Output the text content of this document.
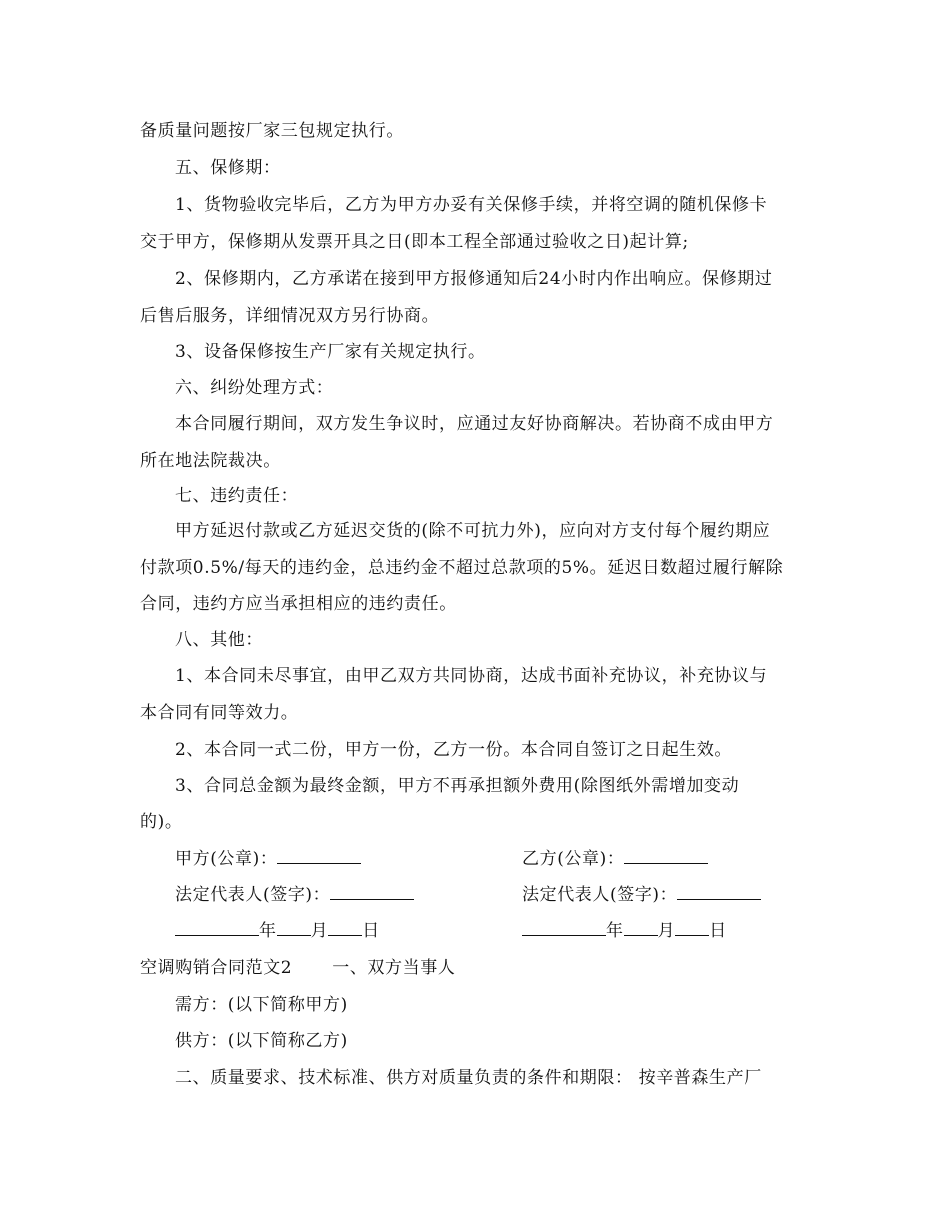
备质量问题按厂家三包规定执行。
五、保修期：
1、货物验收完毕后，乙方为甲方办妥有关保修手续，并将空调的随机保修卡
交于甲方，保修期从发票开具之日(即本工程全部通过验收之日)起计算;
2、保修期内，乙方承诺在接到甲方报修通知后24小时内作出响应。保修期过
后售后服务，详细情况双方另行协商。
3、设备保修按生产厂家有关规定执行。
六、纠纷处理方式：
本合同履行期间，双方发生争议时，应通过友好协商解决。若协商不成由甲方
所在地法院裁决。
七、违约责任：
甲方延迟付款或乙方延迟交货的(除不可抗力外)，应向对方支付每个履约期应
付款项0.5%/每天的违约金，总违约金不超过总款项的5%。延迟日数超过履行解除
合同，违约方应当承担相应的违约责任。
八、其他：
1、本合同未尽事宜，由甲乙双方共同协商，达成书面补充协议，补充协议与
本合同有同等效力。
2、本合同一式二份，甲方一份，乙方一份。本合同自签订之日起生效。
3、合同总金额为最终金额，甲方不再承担额外费用(除图纸外需增加变动
的)。
甲方(公章)：	乙方(公章)：
法定代表人(签字)：	法定代表人(签字)：
年 月 日	年 月 日
空调购销合同范文2 一、双方当事人
需方：(以下简称甲方)
供方：(以下简称乙方)
二、质量要求、技术标准、供方对质量负责的条件和期限： 按辛普森生产厂
